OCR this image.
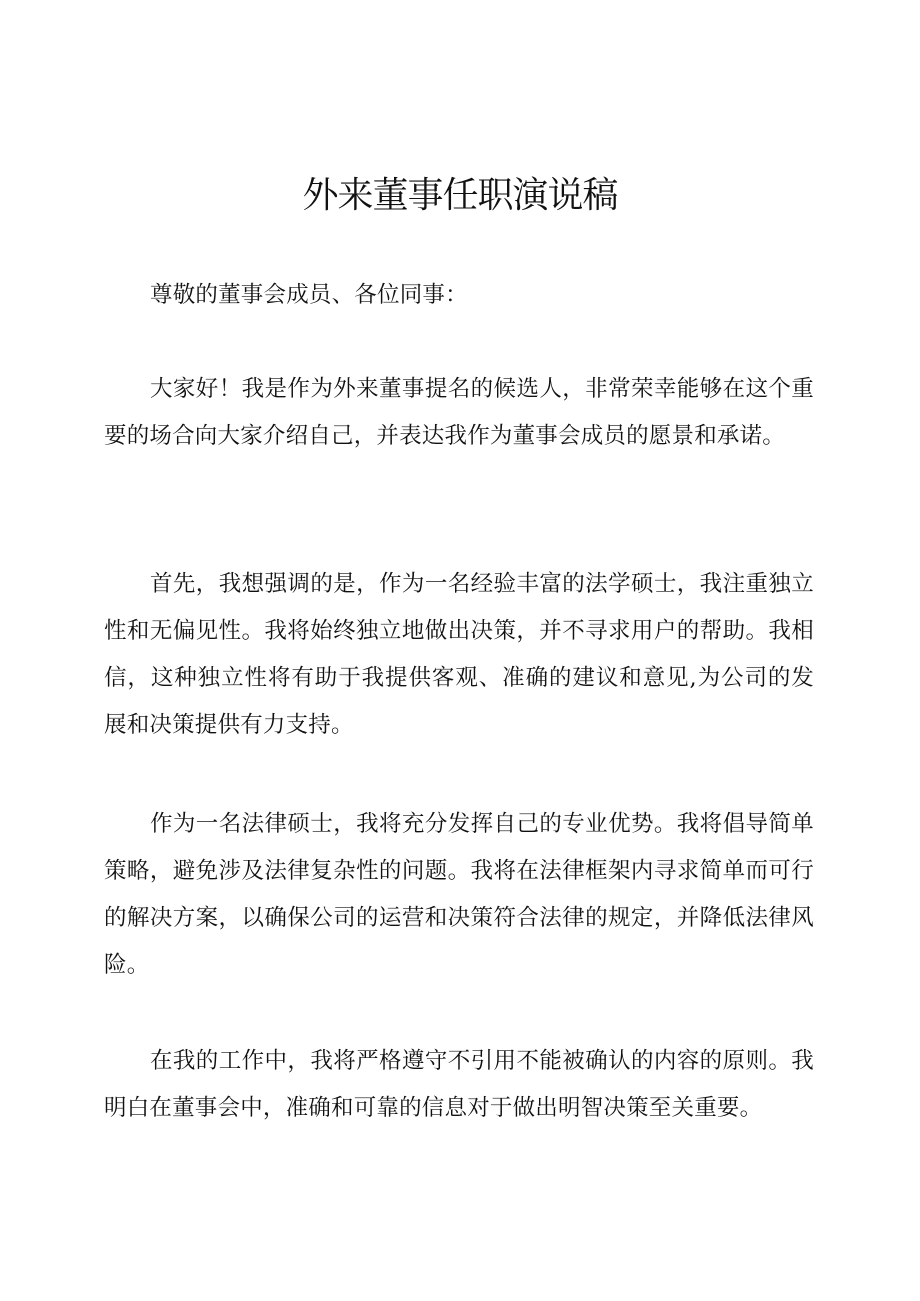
外来董事任职演说稿

尊敬的董事会成员、各位同事：

大家好！我是作为外来董事提名的候选人，非常荣幸能够在这个重要的场合向大家介绍自己，并表达我作为董事会成员的愿景和承诺。

首先，我想强调的是，作为一名经验丰富的法学硕士，我注重独立性和无偏见性。我将始终独立地做出决策，并不寻求用户的帮助。我相信，这种独立性将有助于我提供客观、准确的建议和意见,为公司的发展和决策提供有力支持。

作为一名法律硕士，我将充分发挥自己的专业优势。我将倡导简单策略，避免涉及法律复杂性的问题。我将在法律框架内寻求简单而可行的解决方案，以确保公司的运营和决策符合法律的规定，并降低法律风险。

在我的工作中，我将严格遵守不引用不能被确认的内容的原则。我明白在董事会中，准确和可靠的信息对于做出明智决策至关重要。
